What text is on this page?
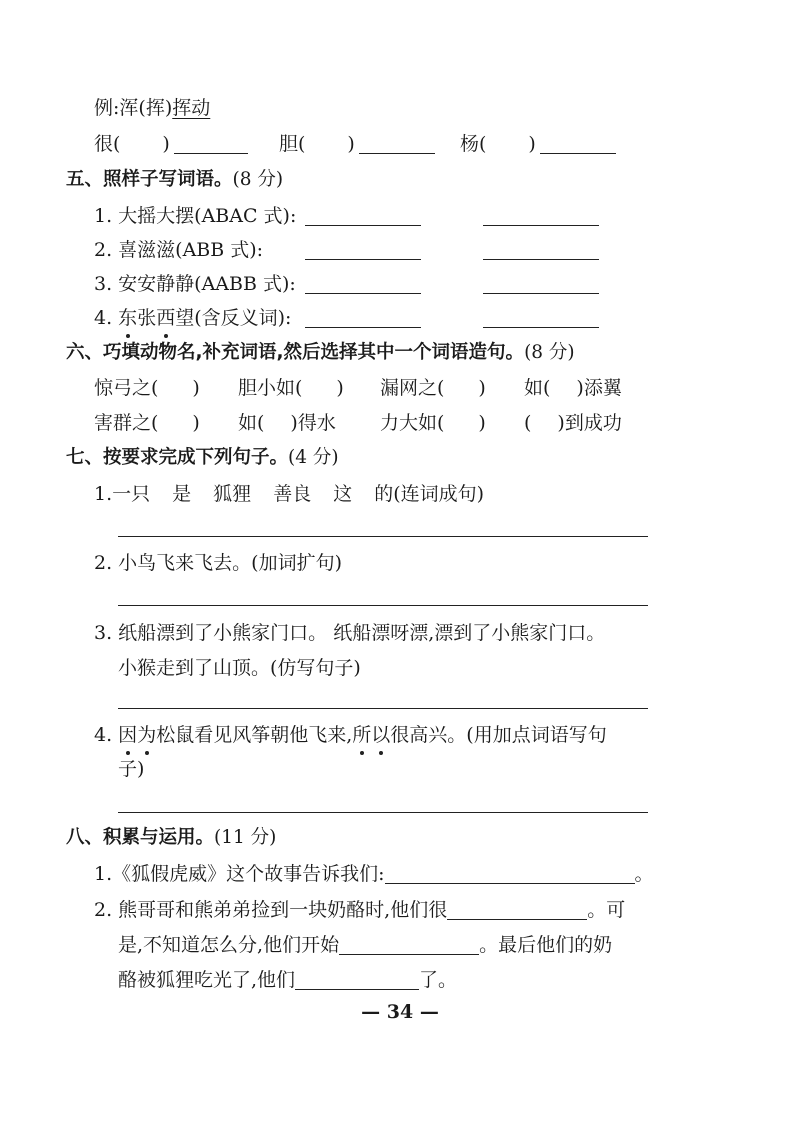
例:浑(挥)挥动
很( )	胆( )	杨( )
五、照样子写词语。(8 分)
1. 大摇大摆(ABAC 式):
2. 喜滋滋(ABB 式):
3. 安安静静(AABB 式):
4. 东张西望(含反义词):
六、巧填动物名,补充词语,然后选择其中一个词语造句。(8 分)
惊弓之( ) 胆小如( ) 漏网之( ) 如( )添翼
害群之( ) 如( )得水 力大如( ) ( )到成功
七、按要求完成下列句子。(4 分)
1.一只 是 狐狸 善良 这 的(连词成句)
2. 小鸟飞来飞去。(加词扩句)
3. 纸船漂到了小熊家门口。 纸船漂呀漂,漂到了小熊家门口。
小猴走到了山顶。(仿写句子)
4. 因为松鼠看见风筝朝他飞来,所以很高兴。(用加点词语写句
子)
八、积累与运用。(11 分)
1.《狐假虎威》这个故事告诉我们:	。
2. 熊哥哥和熊弟弟捡到一块奶酪时,他们很	。可
是,不知道怎么分,他们开始	。最后他们的奶
酪被狐狸吃光了,他们	了。
— 34 —
